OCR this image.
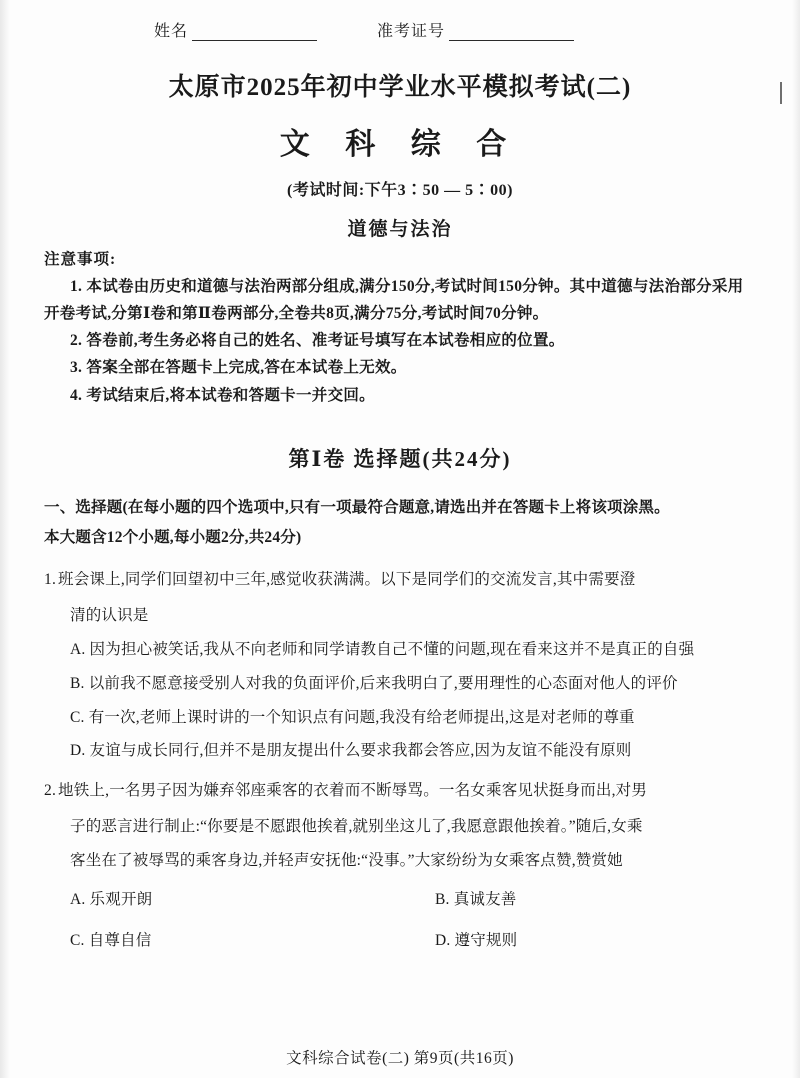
姓名	准考证号
太原市2025年初中学业水平模拟考试(二)
文 科 综 合
(考试时间:下午3∶50 — 5∶00)
道德与法治
注意事项:
1. 本试卷由历史和道德与法治两部分组成,满分150分,考试时间150分钟。其中道德与法治部分采用开卷考试,分第Ⅰ卷和第Ⅱ卷两部分,全卷共8页,满分75分,考试时间70分钟。
2. 答卷前,考生务必将自己的姓名、准考证号填写在本试卷相应的位置。
3. 答案全部在答题卡上完成,答在本试卷上无效。
4. 考试结束后,将本试卷和答题卡一并交回。
第Ⅰ卷 选择题(共24分)
一、选择题(在每小题的四个选项中,只有一项最符合题意,请选出并在答题卡上将该项涂黑。
本大题含12个小题,每小题2分,共24分)
1. 班会课上,同学们回望初中三年,感觉收获满满。以下是同学们的交流发言,其中需要澄
清的认识是
A. 因为担心被笑话,我从不向老师和同学请教自己不懂的问题,现在看来这并不是真正的自强
B. 以前我不愿意接受别人对我的负面评价,后来我明白了,要用理性的心态面对他人的评价
C. 有一次,老师上课时讲的一个知识点有问题,我没有给老师提出,这是对老师的尊重
D. 友谊与成长同行,但并不是朋友提出什么要求我都会答应,因为友谊不能没有原则
2. 地铁上,一名男子因为嫌弃邻座乘客的衣着而不断辱骂。一名女乘客见状挺身而出,对男
子的恶言进行制止:“你要是不愿跟他挨着,就别坐这儿了,我愿意跟他挨着。”随后,女乘
客坐在了被辱骂的乘客身边,并轻声安抚他:“没事。”大家纷纷为女乘客点赞,赞赏她
A. 乐观开朗	B. 真诚友善
C. 自尊自信	D. 遵守规则
文科综合试卷(二) 第9页(共16页)
